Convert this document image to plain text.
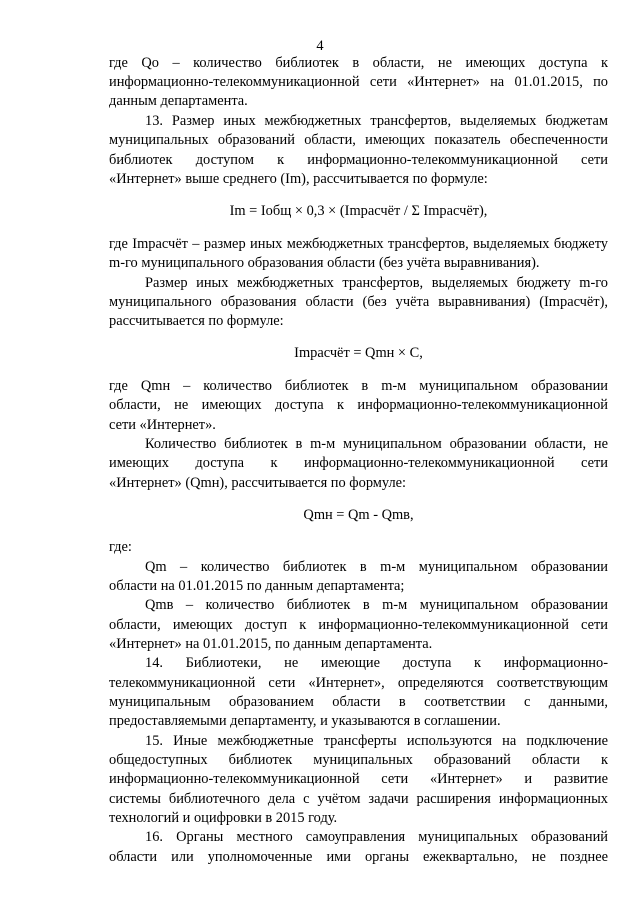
4
где Qо – количество библиотек в области, не имеющих доступа к
информационно-телекоммуникационной сети «Интернет» на 01.01.2015, по
данным департамента.
13. Размер иных межбюджетных трансфертов, выделяемых бюджетам
муниципальных образований области, имеющих показатель обеспеченности
библиотек доступом к информационно-телекоммуникационной сети
«Интернет» выше среднего (Im), рассчитывается по формуле:
Im = Iобщ × 0,3 × (Imрасчёт / Σ Imрасчёт),
где Imрасчёт – размер иных межбюджетных трансфертов, выделяемых бюджету
m-го муниципального образования области (без учёта выравнивания).
Размер иных межбюджетных трансфертов, выделяемых бюджету m-го
муниципального образования области (без учёта выравнивания) (Imрасчёт),
рассчитывается по формуле:
Imрасчёт = Qmн × C,
где Qmн – количество библиотек в m-м муниципальном образовании
области, не имеющих доступа к информационно-телекоммуникационной
сети «Интернет».
Количество библиотек в m-м муниципальном образовании области, не
имеющих доступа к информационно-телекоммуникационной сети
«Интернет» (Qmн), рассчитывается по формуле:
Qmн = Qm - Qmв,
где:
Qm – количество библиотек в m-м муниципальном образовании
области на 01.01.2015 по данным департамента;
Qmв – количество библиотек в m-м муниципальном образовании
области, имеющих доступ к информационно-телекоммуникационной сети
«Интернет» на 01.01.2015, по данным департамента.
14. Библиотеки, не имеющие доступа к информационно-
телекоммуникационной сети «Интернет», определяются соответствующим
муниципальным образованием области в соответствии с данными,
предоставляемыми департаменту, и указываются в соглашении.
15. Иные межбюджетные трансферты используются на подключение
общедоступных библиотек муниципальных образований области к
информационно-телекоммуникационной сети «Интернет» и развитие
системы библиотечного дела с учётом задачи расширения информационных
технологий и оцифровки в 2015 году.
16. Органы местного самоуправления муниципальных образований
области или уполномоченные ими органы ежеквартально, не позднее
